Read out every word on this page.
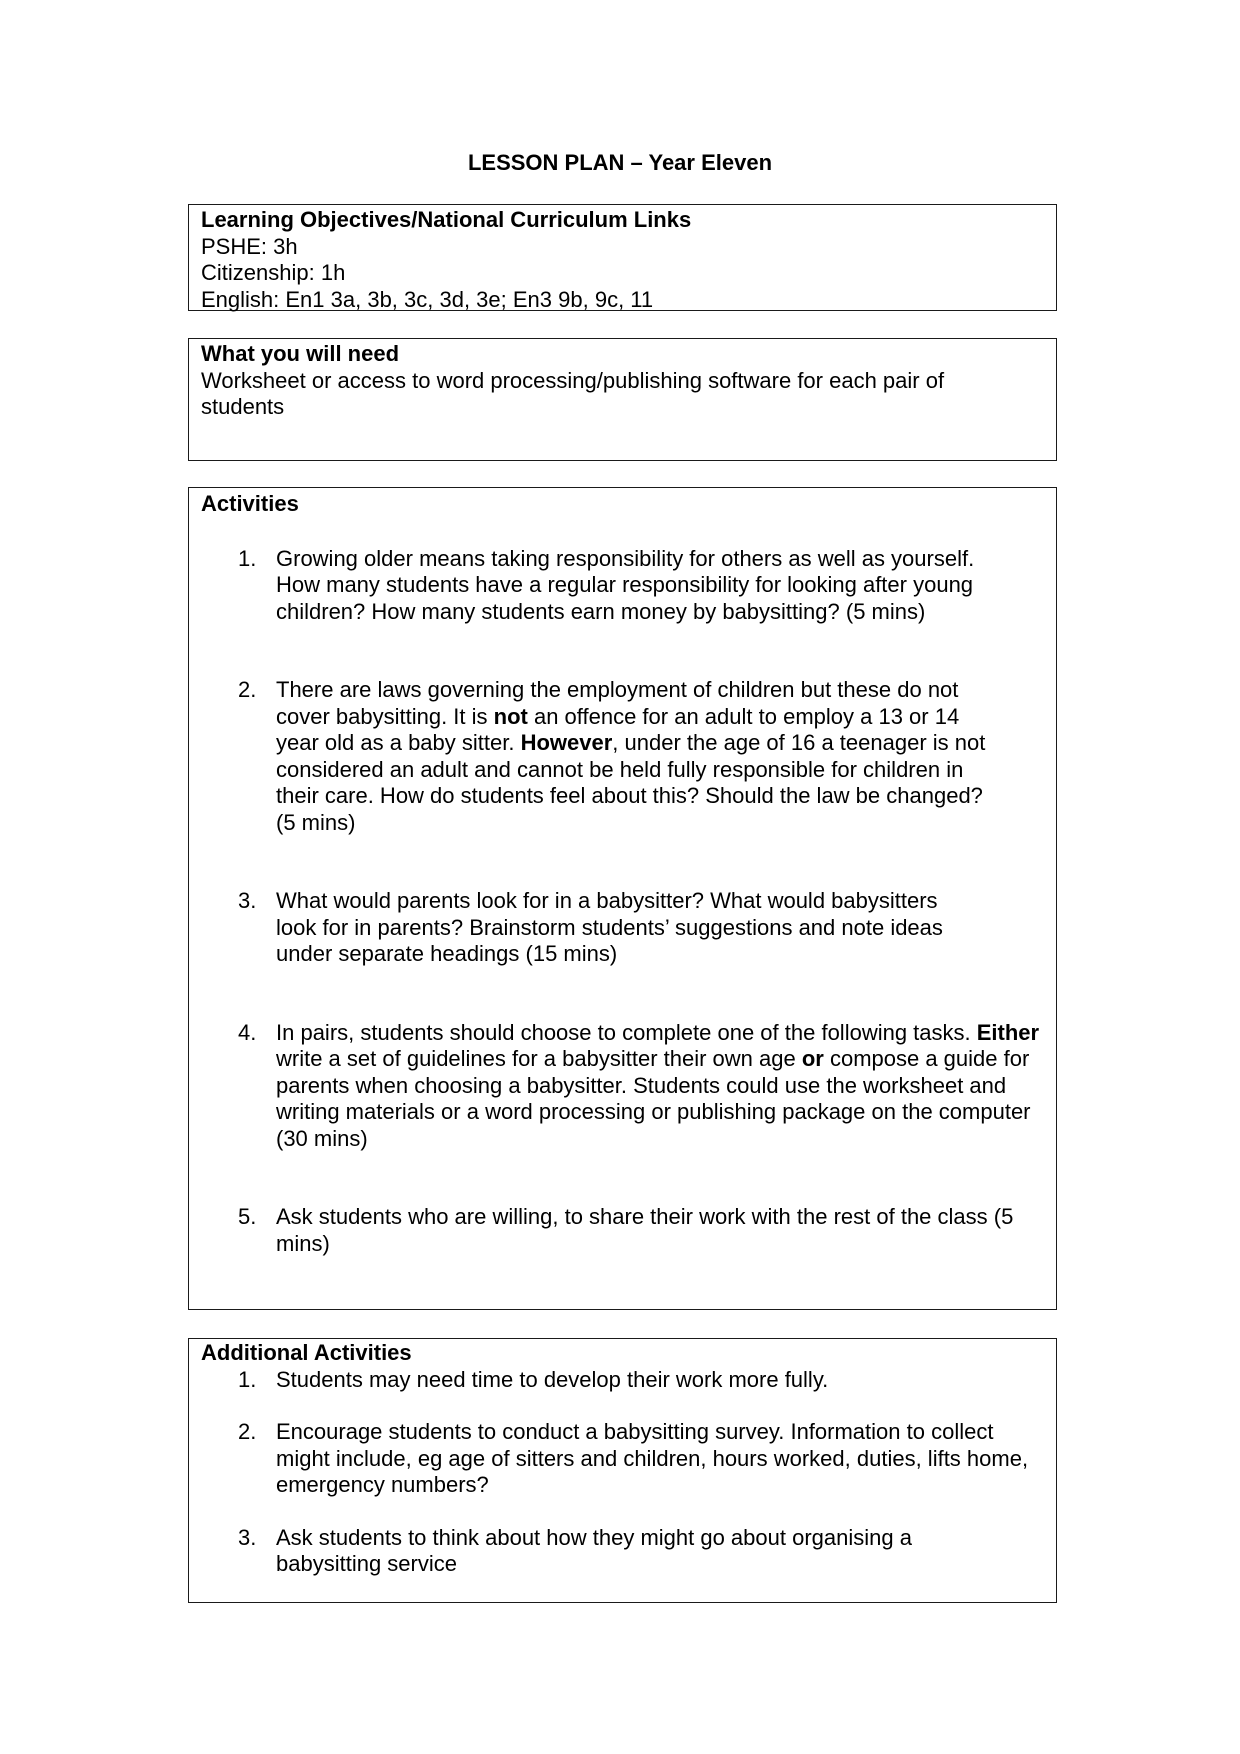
LESSON PLAN – Year Eleven
Learning Objectives/National Curriculum Links
PSHE: 3h
Citizenship: 1h
English: En1 3a, 3b, 3c, 3d, 3e; En3 9b, 9c, 11
What you will need
Worksheet or access to word processing/publishing software for each pair of students
Activities
1. Growing older means taking responsibility for others as well as yourself. How many students have a regular responsibility for looking after young children? How many students earn money by babysitting? (5 mins)
2. There are laws governing the employment of children but these do not cover babysitting. It is not an offence for an adult to employ a 13 or 14 year old as a baby sitter. However, under the age of 16 a teenager is not considered an adult and cannot be held fully responsible for children in their care. How do students feel about this? Should the law be changed? (5 mins)
3. What would parents look for in a babysitter? What would babysitters look for in parents? Brainstorm students’ suggestions and note ideas under separate headings (15 mins)
4. In pairs, students should choose to complete one of the following tasks. Either write a set of guidelines for a babysitter their own age or compose a guide for parents when choosing a babysitter. Students could use the worksheet and writing materials or a word processing or publishing package on the computer (30 mins)
5. Ask students who are willing, to share their work with the rest of the class (5 mins)
Additional Activities
1. Students may need time to develop their work more fully.
2. Encourage students to conduct a babysitting survey. Information to collect might include, eg age of sitters and children, hours worked, duties, lifts home, emergency numbers?
3. Ask students to think about how they might go about organising a babysitting service
